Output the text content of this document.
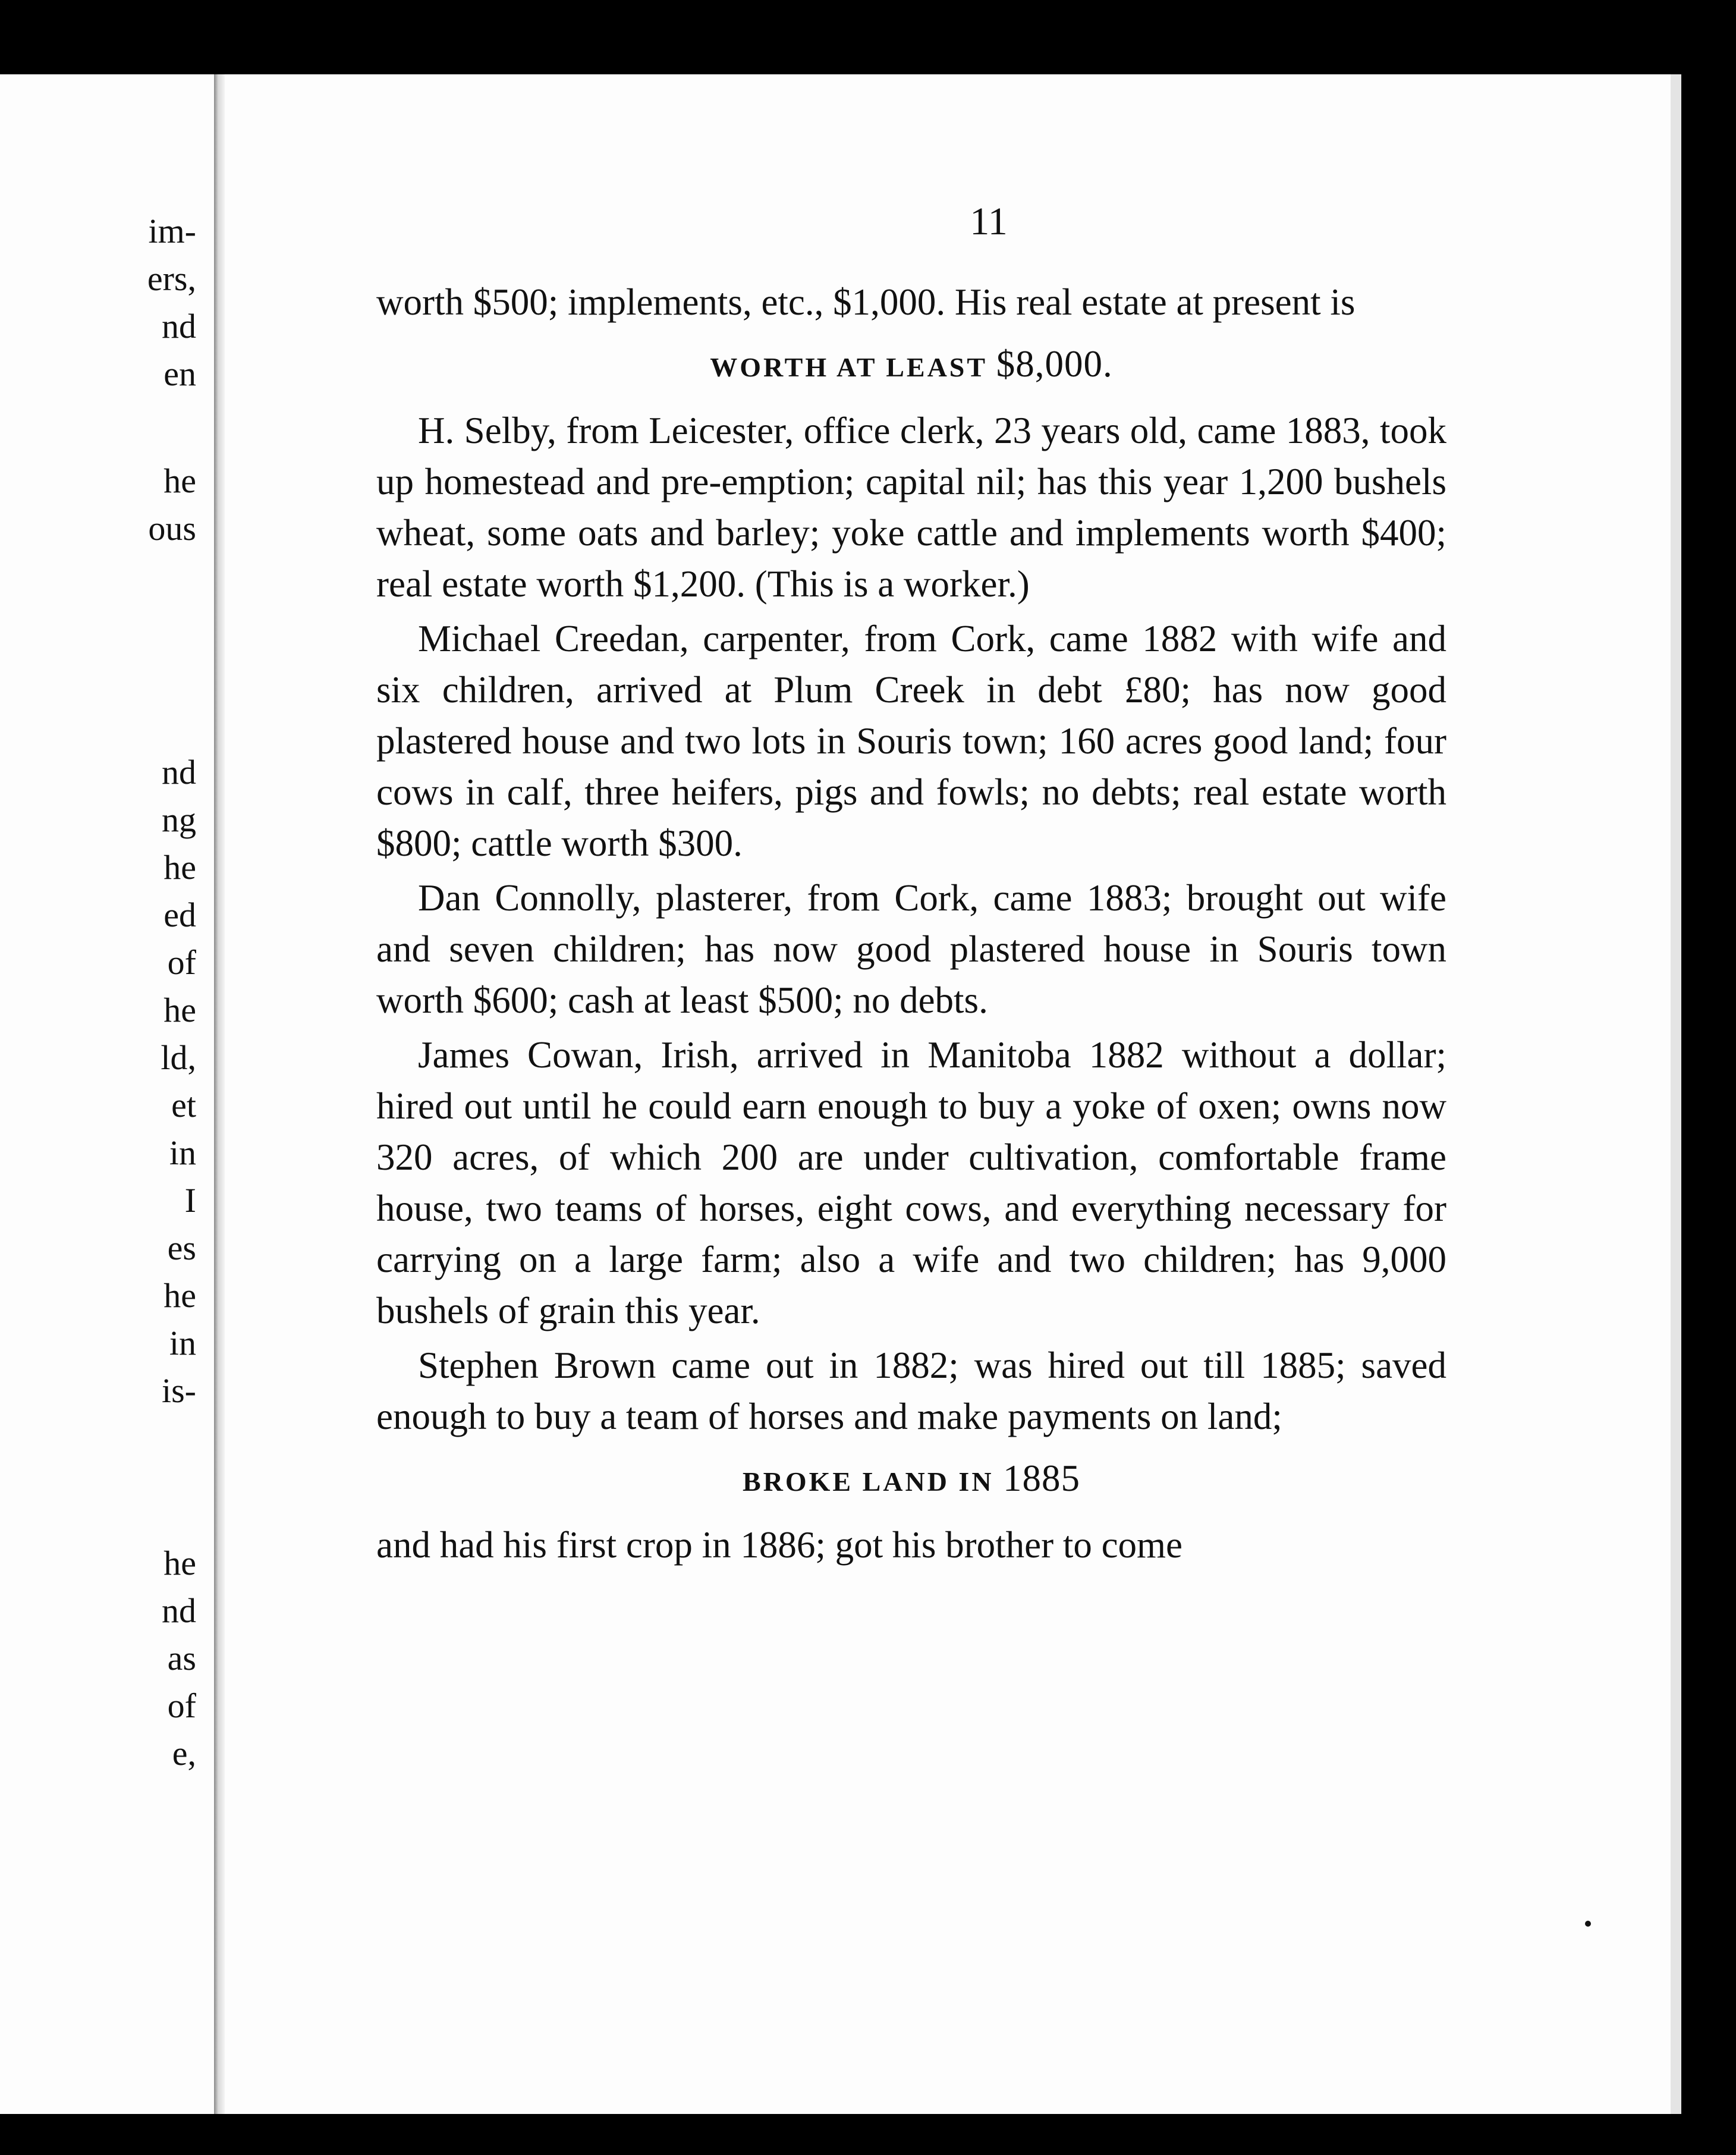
im-
ers,
nd
en
he
ous
nd
ng
he
ed
of
he
ld,
et
in
I
es
he
in
is-
he
nd
as
of
e,
11

worth $500; implements, etc., $1,000. His real estate at present is

WORTH AT LEAST $8,000.

H. Selby, from Leicester, office clerk, 23 years old, came 1883, took up homestead and pre-emption; capital nil; has this year 1,200 bushels wheat, some oats and barley; yoke cattle and implements worth $400; real estate worth $1,200. (This is a worker.)

Michael Creedan, carpenter, from Cork, came 1882 with wife and six children, arrived at Plum Creek in debt £80; has now good plastered house and two lots in Souris town; 160 acres good land; four cows in calf, three heifers, pigs and fowls; no debts; real estate worth $800; cattle worth $300.

Dan Connolly, plasterer, from Cork, came 1883; brought out wife and seven children; has now good plastered house in Souris town worth $600; cash at least $500; no debts.

James Cowan, Irish, arrived in Manitoba 1882 without a dollar; hired out until he could earn enough to buy a yoke of oxen; owns now 320 acres, of which 200 are under cultivation, comfortable frame house, two teams of horses, eight cows, and everything necessary for carrying on a large farm; also a wife and two children; has 9,000 bushels of grain this year.

Stephen Brown came out in 1882; was hired out till 1885; saved enough to buy a team of horses and make payments on land;

BROKE LAND IN 1885

and had his first crop in 1886; got his brother to come
